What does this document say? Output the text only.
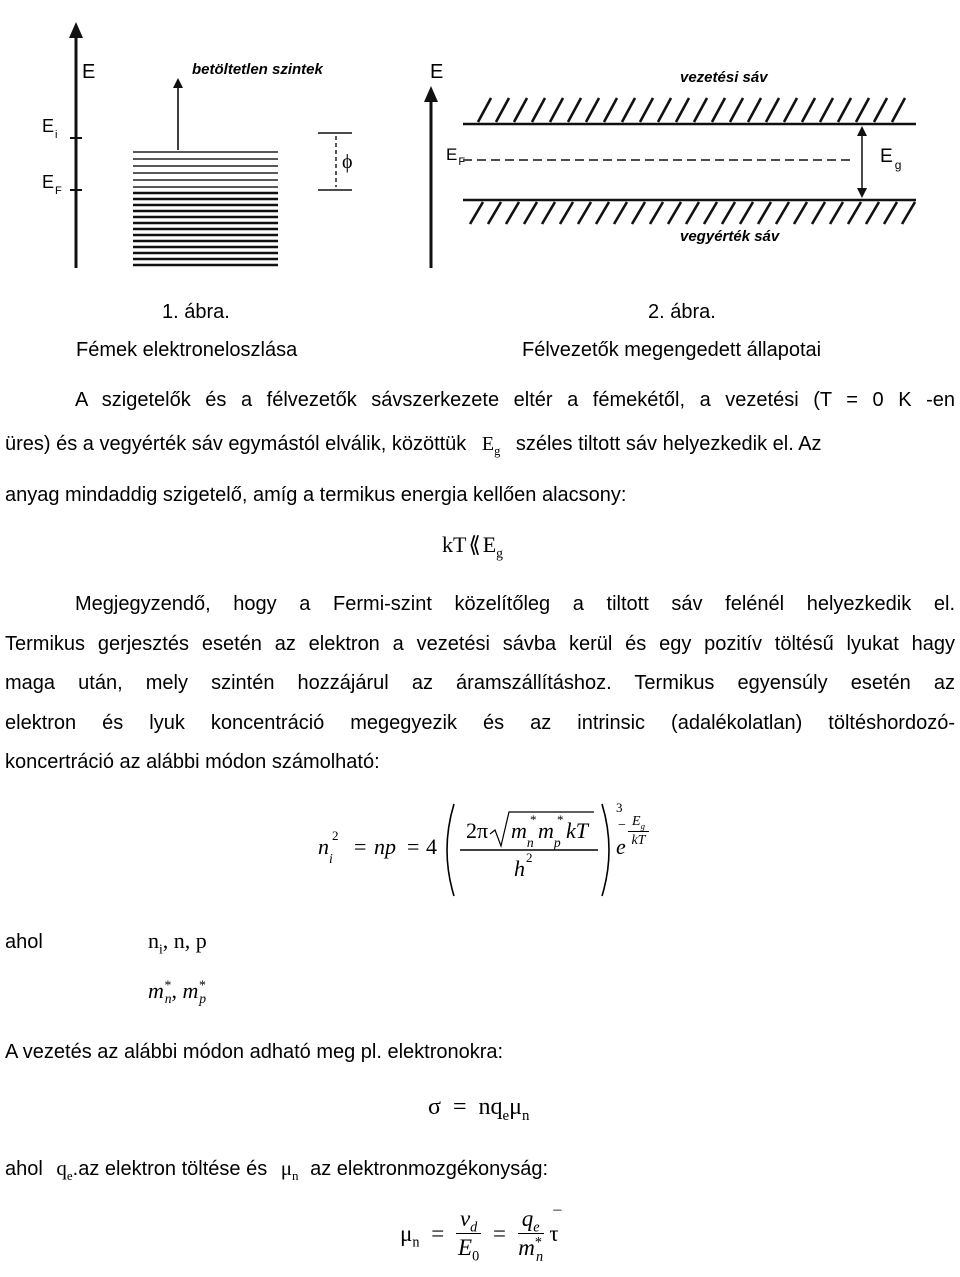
E
$E_i$
$E_F$
betöltetlen szintek
ϕ
E	vezetési sáv
$E_F$
vegyérték sáv
E $_g$
1. ábra.	2. ábra.
Fémek elektroneloszlása	Félvezetők megengedett állapotai
A szigetelők és a félvezetők sávszerkezete eltér a fémekétől, a vezetési (T = 0 K -en
üres) és a vegyérték sáv egymástól elválik, közöttük $E_g$ széles tiltott sáv helyezkedik el. Az
anyag mindaddig szigetelő, amíg a termikus energia kellően alacsony:
$kT⟪E_g$
Megjegyzendő, hogy a Fermi-szint közelítőleg a tiltott sáv felénél helyezkedik el.
Termikus gerjesztés esetén az elektron a vezetési sávba kerül és egy pozitív töltésű lyukat hagy
maga után, mely szintén hozzájárul az áramszállításhoz. Termikus egyensúly esetén az
elektron és lyuk koncentráció megegyezik és az intrinsic (adalékolatlan) töltéshordozó-
koncertráció az alábbi módon számolható:
$n_i$
2 = np = 4
2π $m_n$
* $m_p$
* kT
h 2
3
e
− $\frac{E_g}{kT}$
ahol	$n_i$, n, p
$m^*_n$, $m^*_p$
A vezetés az alábbi módon adható meg pl. elektronokra:
$\sigma = nq_e\mu_n$
ahol $q_e.az$ elektron töltése és $\mu_n$ az elektronmozgékonyság:
$\mu_n = \frac{v_d}{E_0} = \frac{q_e}{m^*_n}$
–
τ
